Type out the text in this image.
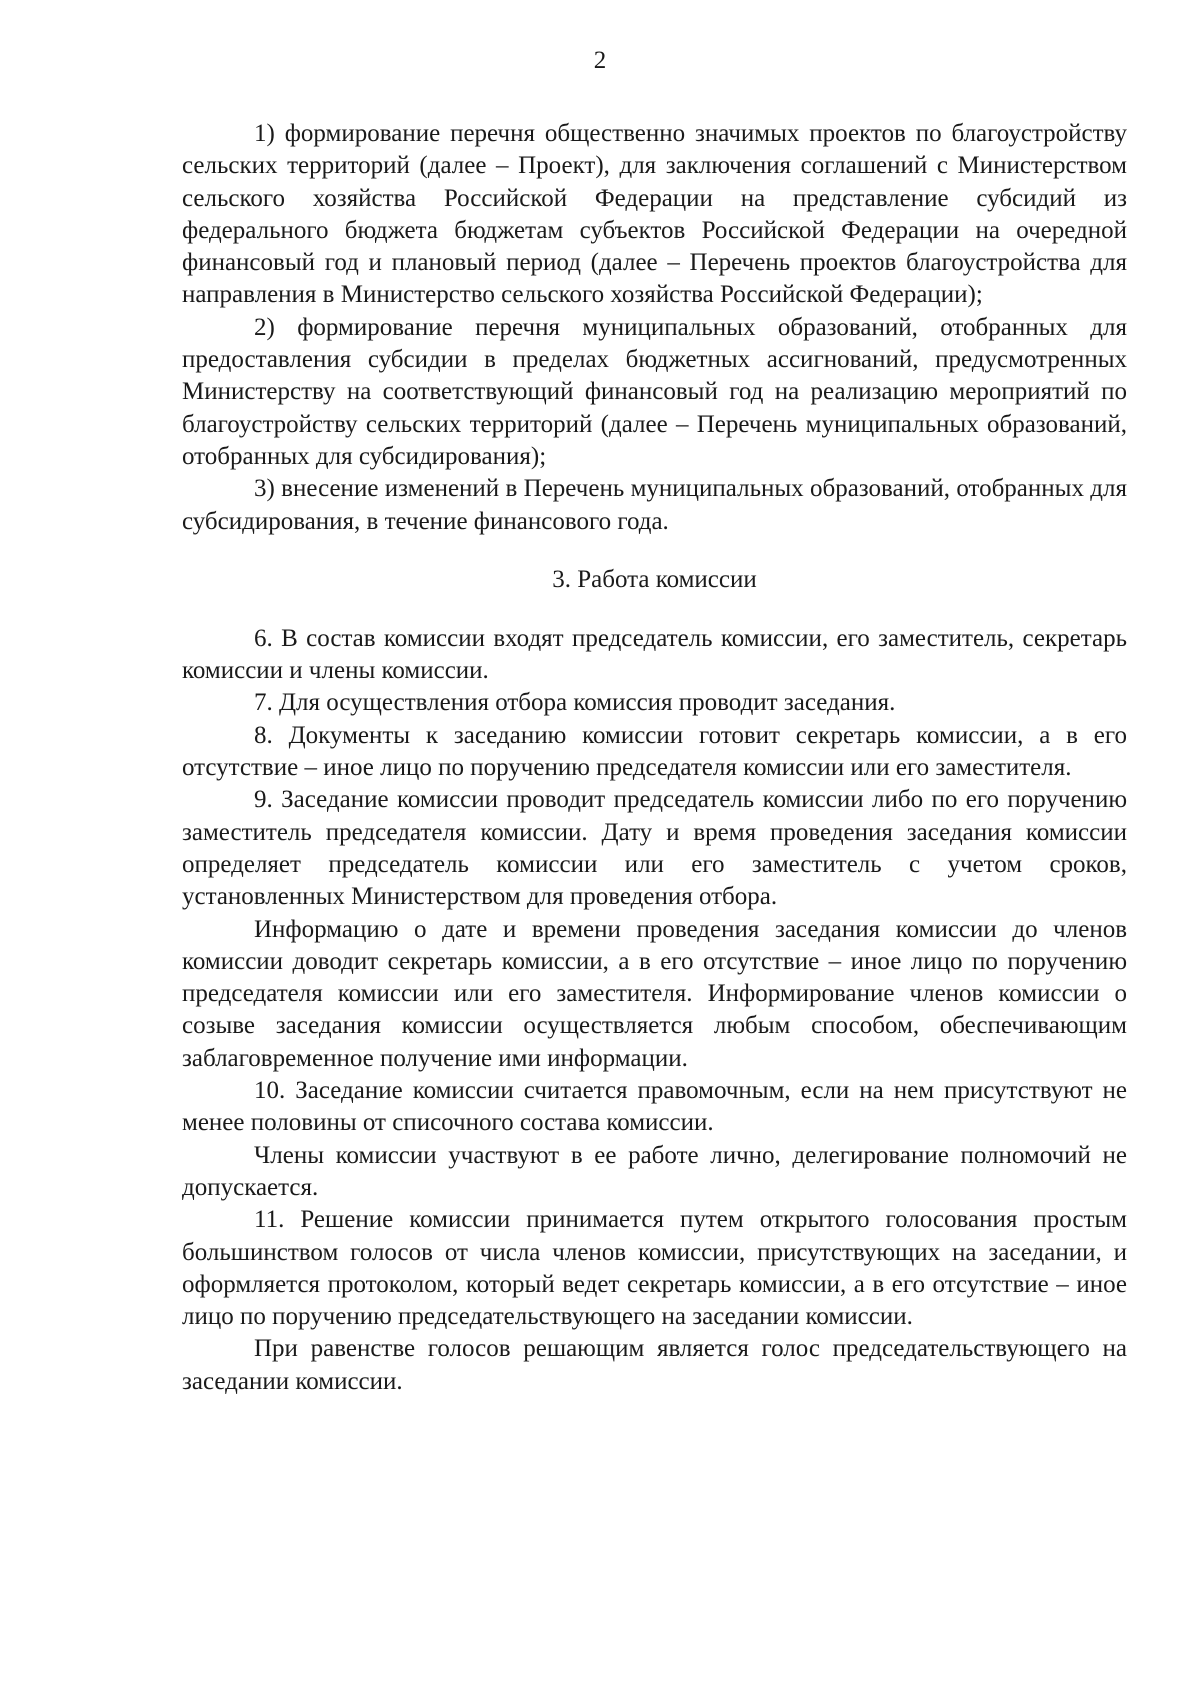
2

1) формирование перечня общественно значимых проектов по благоустройству сельских территорий (далее – Проект), для заключения соглашений с Министерством сельского хозяйства Российской Федерации на представление субсидий из федерального бюджета бюджетам субъектов Российской Федерации на очередной финансовый год и плановый период (далее – Перечень проектов благоустройства для направления в Министерство сельского хозяйства Российской Федерации);

2) формирование перечня муниципальных образований, отобранных для предоставления субсидии в пределах бюджетных ассигнований, предусмотренных Министерству на соответствующий финансовый год на реализацию мероприятий по благоустройству сельских территорий (далее – Перечень муниципальных образований, отобранных для субсидирования);

3) внесение изменений в Перечень муниципальных образований, отобранных для субсидирования, в течение финансового года.

3. Работа комиссии

6. В состав комиссии входят председатель комиссии, его заместитель, секретарь комиссии и члены комиссии.

7. Для осуществления отбора комиссия проводит заседания.

8. Документы к заседанию комиссии готовит секретарь комиссии, а в его отсутствие – иное лицо по поручению председателя комиссии или его заместителя.

9. Заседание комиссии проводит председатель комиссии либо по его поручению заместитель председателя комиссии. Дату и время проведения заседания комиссии определяет председатель комиссии или его заместитель с учетом сроков, установленных Министерством для проведения отбора.

Информацию о дате и времени проведения заседания комиссии до членов комиссии доводит секретарь комиссии, а в его отсутствие – иное лицо по поручению председателя комиссии или его заместителя. Информирование членов комиссии о созыве заседания комиссии осуществляется любым способом, обеспечивающим заблаговременное получение ими информации.

10. Заседание комиссии считается правомочным, если на нем присутствуют не менее половины от списочного состава комиссии.

Члены комиссии участвуют в ее работе лично, делегирование полномочий не допускается.

11. Решение комиссии принимается путем открытого голосования простым большинством голосов от числа членов комиссии, присутствующих на заседании, и оформляется протоколом, который ведет секретарь комиссии, а в его отсутствие – иное лицо по поручению председательствующего на заседании комиссии.

При равенстве голосов решающим является голос председательствующего на заседании комиссии.
